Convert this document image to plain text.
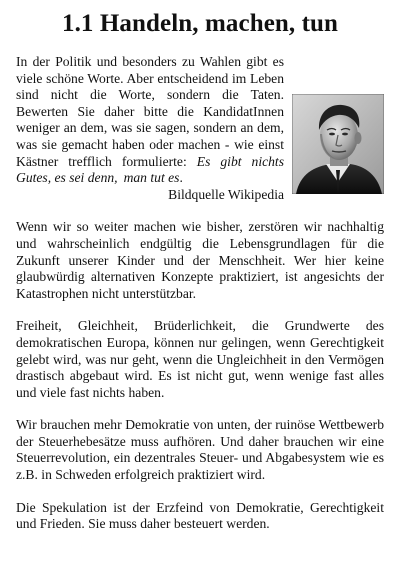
1.1 Handeln, machen, tun

In der Politik und besonders zu Wahlen gibt es viele schöne Worte. Aber entscheidend im Leben sind nicht die Worte, sondern die Taten. Bewerten Sie daher bitte die KandidatInnen weniger an dem, was sie sagen, sondern an dem, was sie gemacht haben oder machen - wie einst Kästner trefflich formulierte: Es gibt nichts Gutes, es sei denn, man tut es.
Bildquelle Wikipedia

Wenn wir so weiter machen wie bisher, zerstören wir nachhaltig und wahrscheinlich endgültig die Lebensgrundlagen für die Zukunft unserer Kinder und der Menschheit. Wer hier keine glaubwürdig alternativen Konzepte praktiziert, ist angesichts der Katastrophen nicht unterstützbar.

Freiheit, Gleichheit, Brüderlichkeit, die Grundwerte des demokratischen Europa, können nur gelingen, wenn Gerechtigkeit gelebt wird, was nur geht, wenn die Ungleichheit in den Vermögen drastisch abgebaut wird. Es ist nicht gut, wenn wenige fast alles und viele fast nichts haben.

Wir brauchen mehr Demokratie von unten, der ruinöse Wettbewerb der Steuerhebesätze muss aufhören. Und daher brauchen wir eine Steuerrevolution, ein dezentrales Steuer- und Abgabesystem wie es z.B. in Schweden erfolgreich praktiziert wird.

Die Spekulation ist der Erzfeind von Demokratie, Gerechtigkeit und Frieden. Sie muss daher besteuert werden.
